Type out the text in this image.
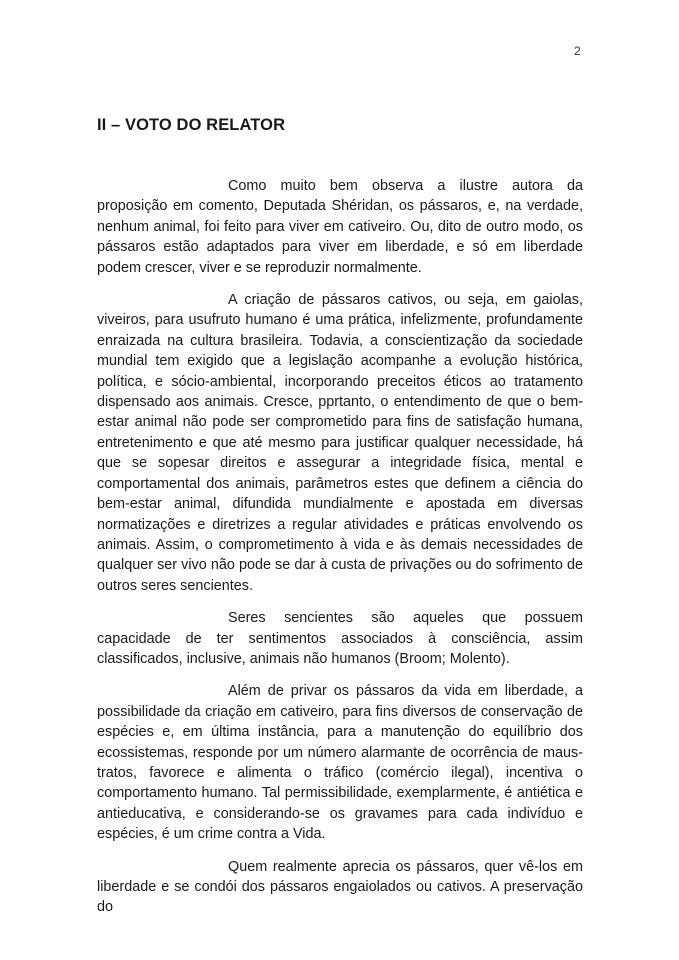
2
II – VOTO DO RELATOR

Como muito bem observa a ilustre autora da proposição em comento, Deputada Shéridan, os pássaros, e, na verdade, nenhum animal, foi feito para viver em cativeiro. Ou, dito de outro modo, os pássaros estão adaptados para viver em liberdade, e só em liberdade podem crescer, viver e se reproduzir normalmente.

A criação de pássaros cativos, ou seja, em gaiolas, viveiros, para usufruto humano é uma prática, infelizmente, profundamente enraizada na cultura brasileira. Todavia, a conscientização da sociedade mundial tem exigido que a legislação acompanhe a evolução histórica, política, e sócio-ambiental, incorporando preceitos éticos ao tratamento dispensado aos animais. Cresce, pprtanto, o entendimento de que o bem-estar animal não pode ser comprometido para fins de satisfação humana, entretenimento e que até mesmo para justificar qualquer necessidade, há que se sopesar direitos e assegurar a integridade física, mental e comportamental dos animais, parâmetros estes que definem a ciência do bem-estar animal, difundida mundialmente e apostada em diversas normatizações e diretrizes a regular atividades e práticas envolvendo os animais. Assim, o comprometimento à vida e às demais necessidades de qualquer ser vivo não pode se dar à custa de privações ou do sofrimento de outros seres sencientes.

Seres sencientes são aqueles que possuem capacidade de ter sentimentos associados à consciência, assim classificados, inclusive, animais não humanos (Broom; Molento).

Além de privar os pássaros da vida em liberdade, a possibilidade da criação em cativeiro, para fins diversos de conservação de espécies e, em última instância, para a manutenção do equilíbrio dos ecossistemas, responde por um número alarmante de ocorrência de maus-tratos, favorece e alimenta o tráfico (comércio ilegal), incentiva o comportamento humano. Tal permissibilidade, exemplarmente, é antiética e antieducativa, e considerando-se os gravames para cada indivíduo e espécies, é um crime contra a Vida.

Quem realmente aprecia os pássaros, quer vê-los em liberdade e se condói dos pássaros engaiolados ou cativos. A preservação do
